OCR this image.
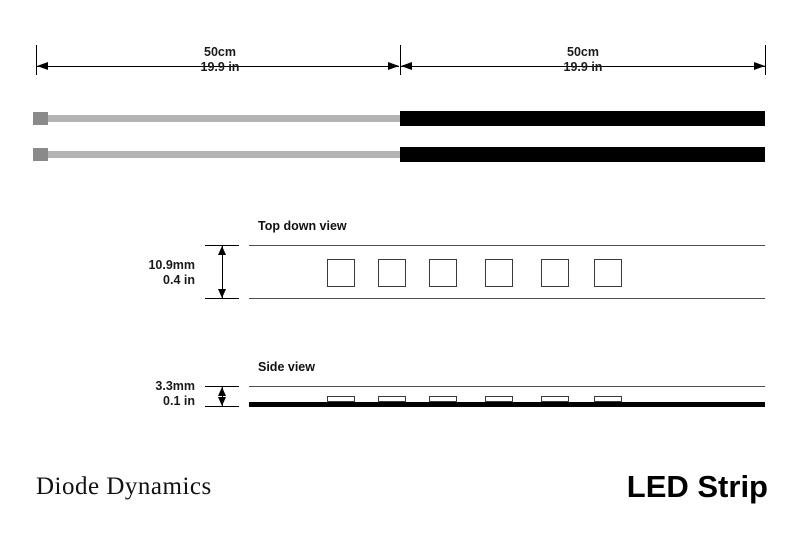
50cm
19.9 in
50cm
19.9 in
Top down view
10.9mm
0.4 in
Side view
3.3mm
0.1 in
Diode Dynamics	LED Strip
